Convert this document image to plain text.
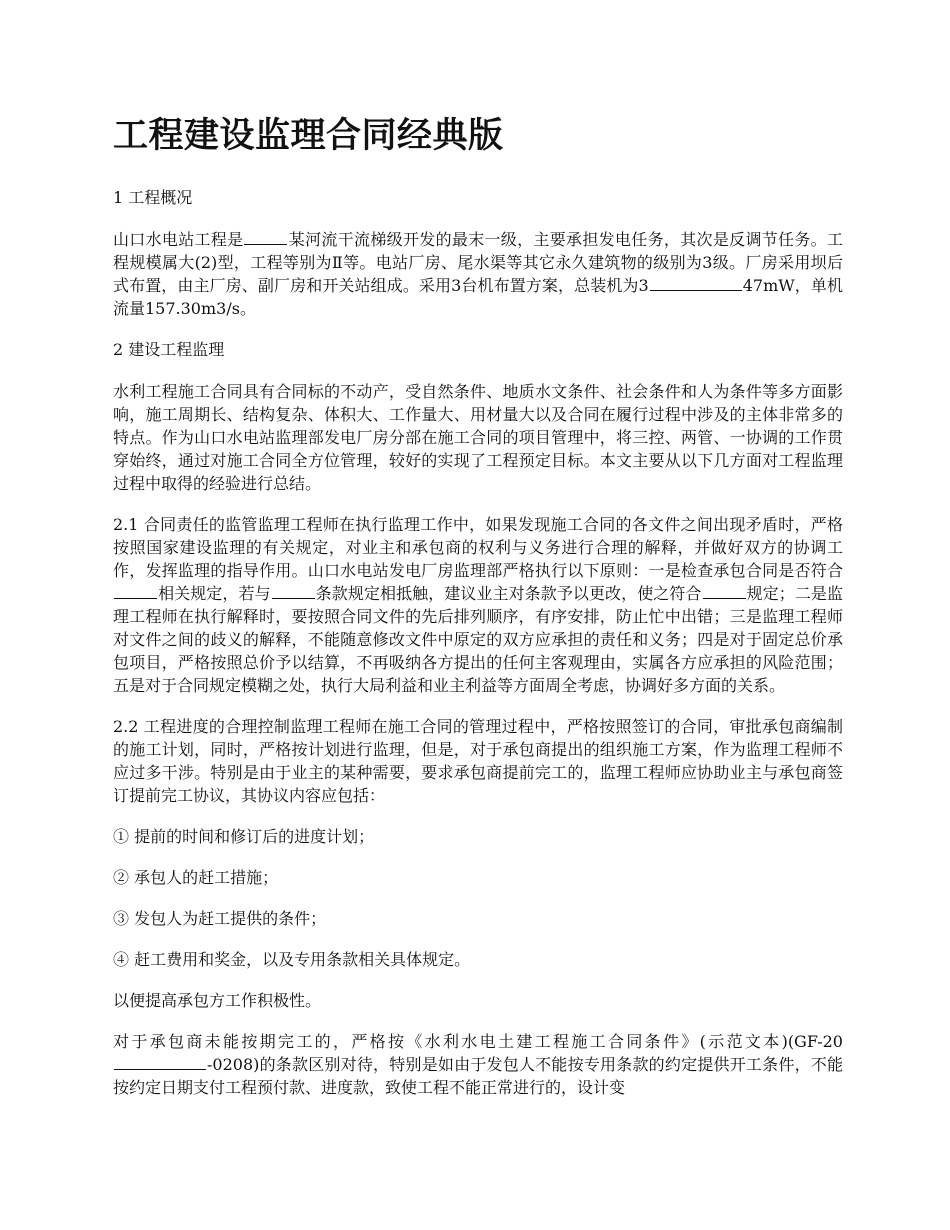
工程建设监理合同经典版

1 工程概况

山口水电站工程是	某河流干流梯级开发的最末一级，主要承担发电任务，其次是反调节任务。工程规模属大(2)型，工程等别为Ⅱ等。电站厂房、尾水渠等其它永久建筑物的级别为3级。厂房采用坝后式布置，由主厂房、副厂房和开关站组成。采用3台机布置方案，总装机为3	47mW，单机流量157.30m3/s。

2 建设工程监理

水利工程施工合同具有合同标的不动产，受自然条件、地质水文条件、社会条件和人为条件等多方面影响，施工周期长、结构复杂、体积大、工作量大、用材量大以及合同在履行过程中涉及的主体非常多的特点。作为山口水电站监理部发电厂房分部在施工合同的项目管理中，将三控、两管、一协调的工作贯穿始终，通过对施工合同全方位管理，较好的实现了工程预定目标。本文主要从以下几方面对工程监理过程中取得的经验进行总结。

2.1 合同责任的监管监理工程师在执行监理工作中，如果发现施工合同的各文件之间出现矛盾时，严格按照国家建设监理的有关规定，对业主和承包商的权利与义务进行合理的解释，并做好双方的协调工作，发挥监理的指导作用。山口水电站发电厂房监理部严格执行以下原则：一是检查承包合同是否符合相关规定，若与	条款规定相抵触，建议业主对条款予以更改，使之符合	规定；二是监理工程师在执行解释时，要按照合同文件的先后排列顺序，有序安排，防止忙中出错；三是监理工程师对文件之间的歧义的解释，不能随意修改文件中原定的双方应承担的责任和义务；四是对于固定总价承包项目，严格按照总价予以结算，不再吸纳各方提出的任何主客观理由，实属各方应承担的风险范围；五是对于合同规定模糊之处，执行大局利益和业主利益等方面周全考虑，协调好多方面的关系。

2.2 工程进度的合理控制监理工程师在施工合同的管理过程中，严格按照签订的合同，审批承包商编制的施工计划，同时，严格按计划进行监理，但是，对于承包商提出的组织施工方案，作为监理工程师不应过多干涉。特别是由于业主的某种需要，要求承包商提前完工的，监理工程师应协助业主与承包商签订提前完工协议，其协议内容应包括：

① 提前的时间和修订后的进度计划；

② 承包人的赶工措施；

③ 发包人为赶工提供的条件；

④ 赶工费用和奖金，以及专用条款相关具体规定。

以便提高承包方工作积极性。

对于承包商未能按期完工的，严格按《水利水电土建工程施工合同条件》(示范文本)(GF-20-0208)的条款区别对待，特别是如由于发包人不能按专用条款的约定提供开工条件，不能按约定日期支付工程预付款、进度款，致使工程不能正常进行的，设计变
